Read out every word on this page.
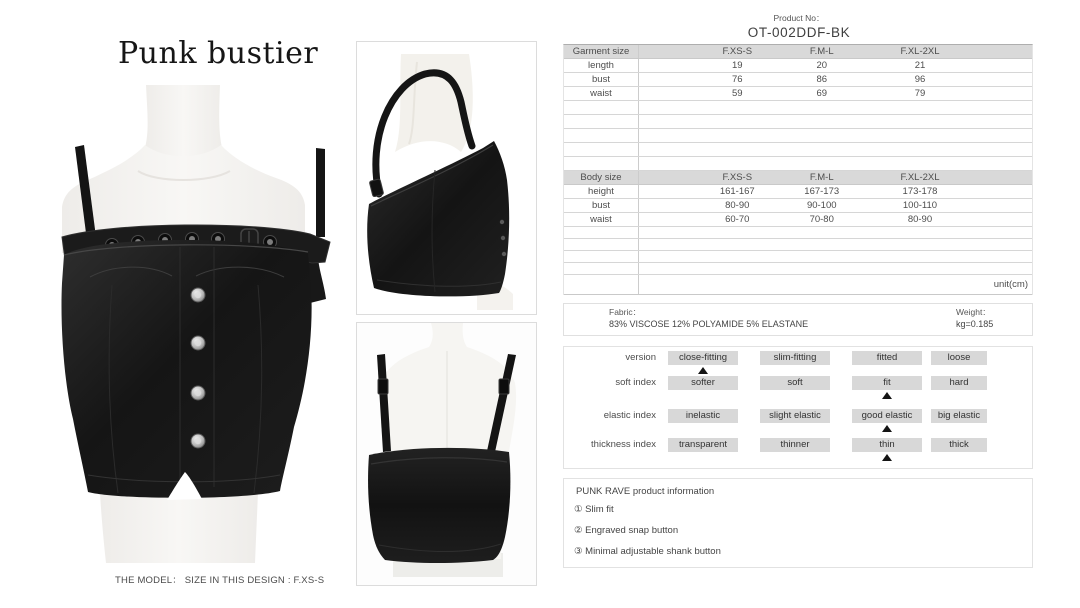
Punk bustier
THE MODEL： SIZE IN THIS DESIGN : F.XS-S
Product No：
OT-002DDF-BK
Garment size	F.XS-S	F.M-L	F.XL-2XL
length	19	20	21
bust	76	86	96
waist	59	69	79
Body size	F.XS-S	F.M-L	F.XL-2XL
height	161-167	167-173	173-178
bust	80-90	90-100	100-110
waist	60-70	70-80	80-90
unit(cm)
Fabric：
83% VISCOSE 12% POLYAMIDE 5% ELASTANE
Weight：
kg=0.185
version	close-fitting	slim-fitting	fitted	loose
soft index	softer	soft	fit	hard
elastic index	inelastic	slight elastic	good elastic	big elastic
thickness index	transparent	thinner	thin	thick
PUNK RAVE product information
① Slim fit
② Engraved snap button
③ Minimal adjustable shank button
